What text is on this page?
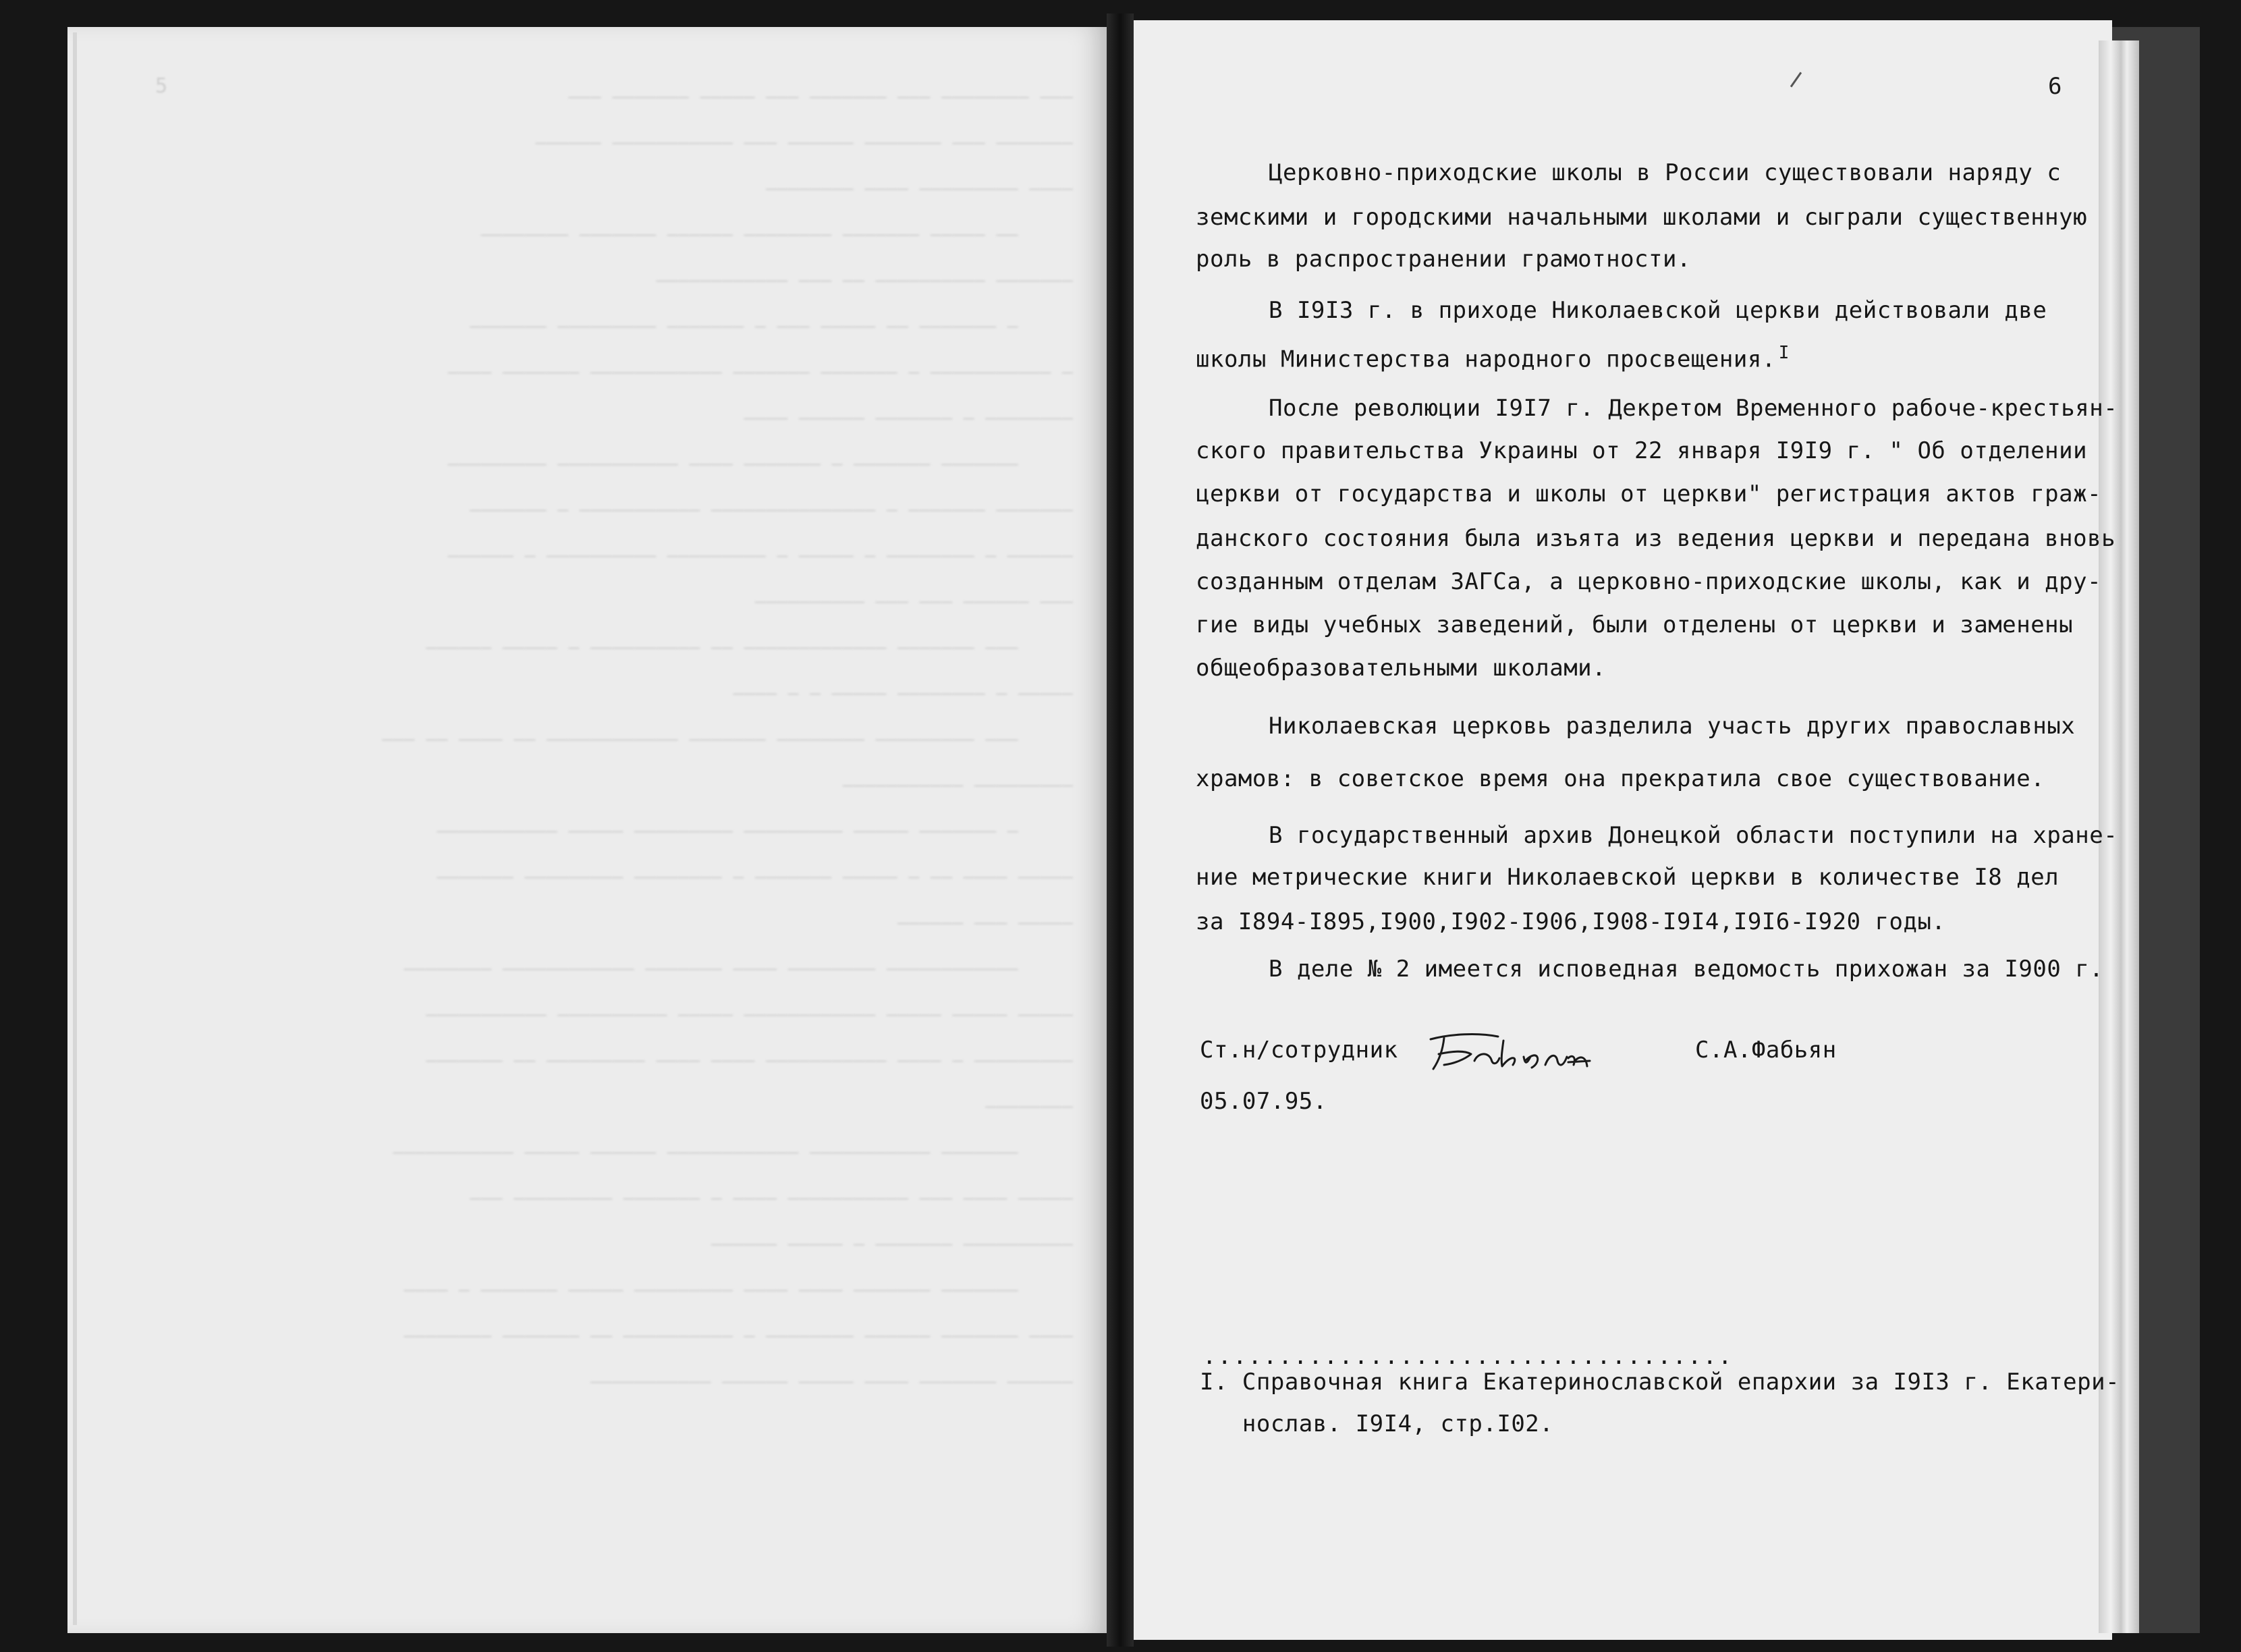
5	——— ———————— ——— ——————— ——— ————— ——————— ———
——————— ——— ——————— —————— ——— ——————————— ——————
———— ————————— ———— ————————
—— ————— ——————— ———————— —————— ——————— ————————
——————— —————————— —— ——— ————————————
— ——————— —— ————— ——— — ——————— ————————— ———————
— ——————————— — ——————— ——————— ———————————— ——————— ————
———————— — ——————— —————— ————
——————— ——————— — ——————— ———— ——————————— —————————
——————— ——————— — ——————————————— ——————————— — ———————
—————— — ———————— — ————— — ————————— —————————— — ——————
——— —————— ——— ——— ——————————
——— ——————— ————————————— —— —————————— — ————— ——————
————— — ———————— ————— — — ————
——— ————————— ———————— ——————— ———————————— —— ———— —— ———
————————— ———————————
— ——————— ————— ————————— ————————— ————— ———————————
————— ———— —— — ————— ——————— — ———————— ————————— ———————
————— ——— ——————
———————————— ———————— ———— ——————— ———————————— ————————
————— ————— ————— ———————————— ————— —————————— ———————————
————————— — ———— ——————————— ———— ———— ————————— —— ———————
————————
——————— ——————————— ———————————— —————— ————— ———————————
————— ———— ——— ——————————— ———— — ——————— ————————— ———
—————————— ——————— — ————— ——————
——————— ——————— ———— ———— ————————— ————— ——————— — ————
———— ——————— —————— ———————— — —————————— —— ——————— ————————
—————— ——————— ———— ————— —————— ———————————
6
Церковно-приходские школы в России существовали наряду с
земскими и городскими начальными школами и сыграли существенную
роль в распространении грамотности.
В I9I3 г. в приходе Николаевской церкви действовали две
школы Министерства народного просвещения. $^I$
После революции I9I7 г. Декретом Временного рабоче-крестьян-
ского правительства Украины от 22 января I9I9 г. " Об отделении
церкви от государства и школы от церкви" регистрация актов граж-
данского состояния была изъята из ведения церкви и передана вновь
созданным отделам ЗАГСа, а церковно-приходские школы, как и дру-
гие виды учебных заведений, были отделены от церкви и заменены
общеобразовательными школами.
Николаевская церковь разделила участь других православных
храмов: в советское время она прекратила свое существование.
В государственный архив Донецкой области поступили на хране-
ние метрические книги Николаевской церкви в количестве I8 дел
за I894-I895,I900,I902-I906,I908-I9I4,I9I6-I920 годы.
В деле № 2 имеется исповедная ведомость прихожан за I900 г.
Ст.н/сотрудник	С.А.Фабьян
05.07.95.
...................................
I. Справочная книга Екатеринославской епархии за I9I3 г. Екатери-
нослав. I9I4, стр.I02.
